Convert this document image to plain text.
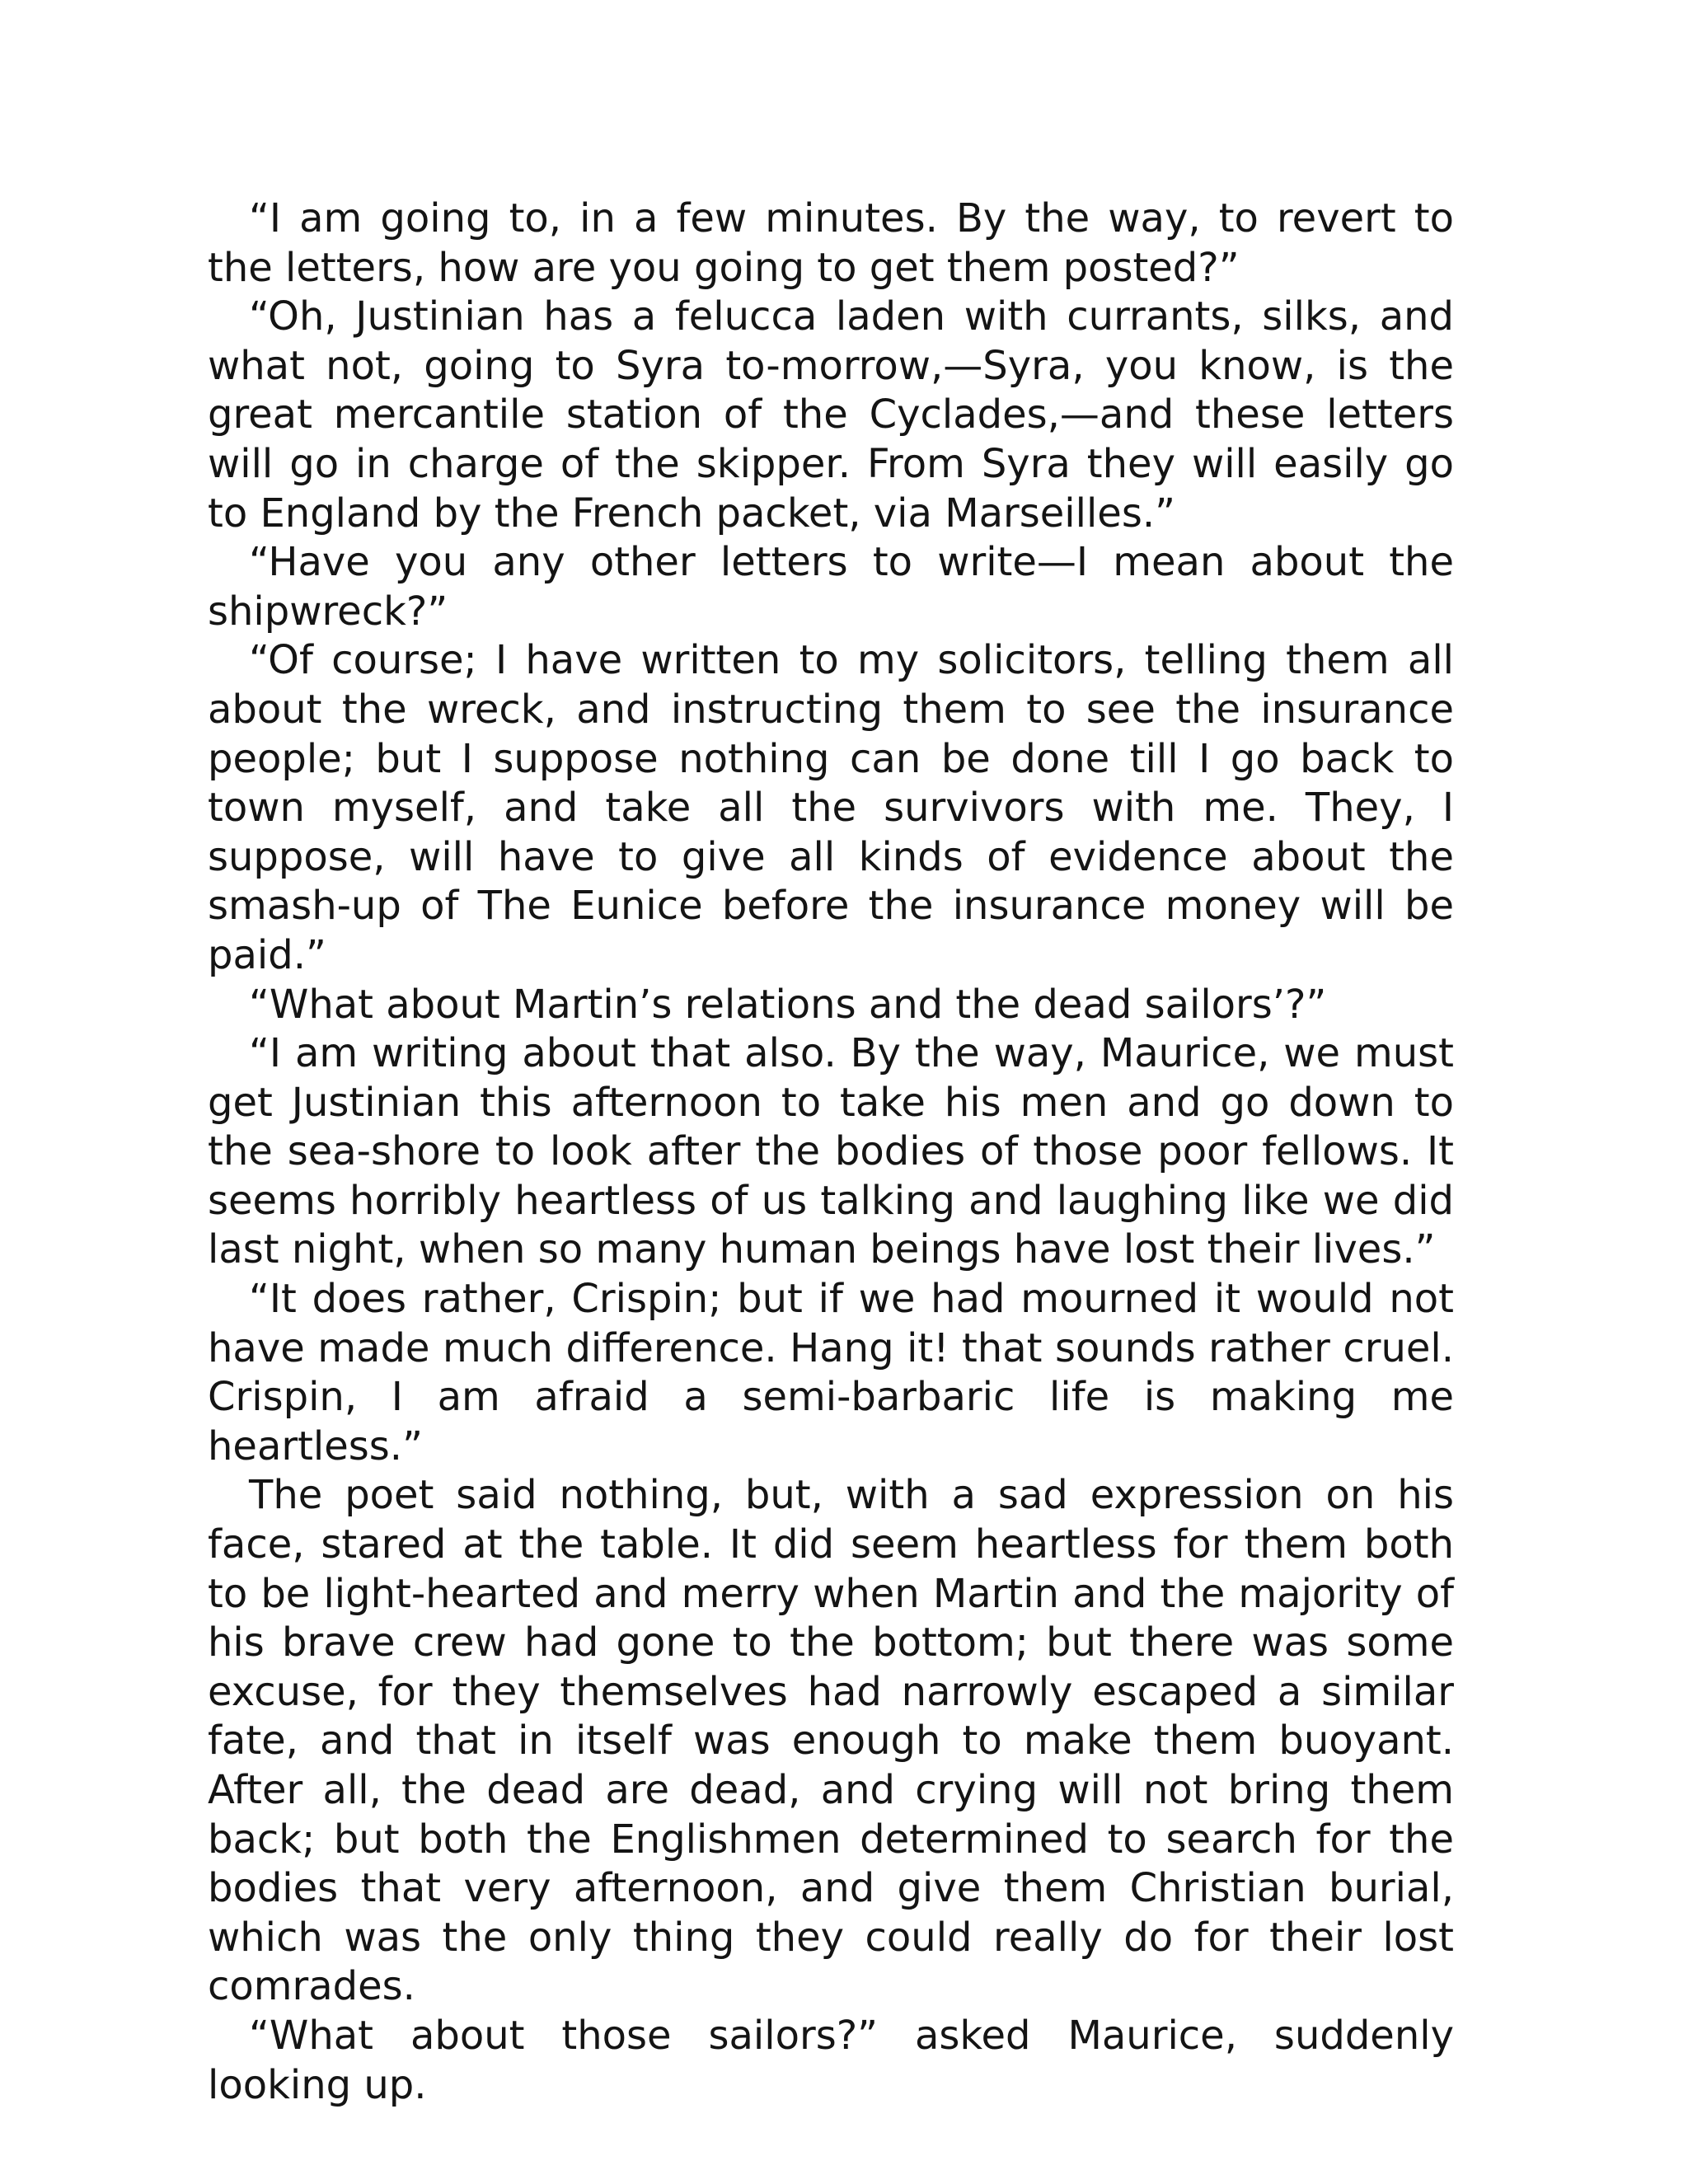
“I am going to, in a few minutes. By the way, to revert to the letters, how are you going to get them posted?”

“Oh, Justinian has a felucca laden with currants, silks, and what not, going to Syra to-morrow,—Syra, you know, is the great mercantile station of the Cyclades,—and these letters will go in charge of the skipper. From Syra they will easily go to England by the French packet, via Marseilles.”

“Have you any other letters to write—I mean about the shipwreck?”

“Of course; I have written to my solicitors, telling them all about the wreck, and instructing them to see the insurance people; but I suppose nothing can be done till I go back to town myself, and take all the survivors with me. They, I suppose, will have to give all kinds of evidence about the smash-up of The Eunice before the insurance money will be paid.”

“What about Martin’s relations and the dead sailors’?”

“I am writing about that also. By the way, Maurice, we must get Justinian this afternoon to take his men and go down to the sea-shore to look after the bodies of those poor fellows. It seems horribly heartless of us talking and laughing like we did last night, when so many human beings have lost their lives.”

“It does rather, Crispin; but if we had mourned it would not have made much difference. Hang it! that sounds rather cruel. Crispin, I am afraid a semi-barbaric life is making me heartless.”

The poet said nothing, but, with a sad expression on his face, stared at the table. It did seem heartless for them both to be light-hearted and merry when Martin and the majority of his brave crew had gone to the bottom; but there was some excuse, for they themselves had narrowly escaped a similar fate, and that in itself was enough to make them buoyant. After all, the dead are dead, and crying will not bring them back; but both the Englishmen determined to search for the bodies that very afternoon, and give them Christian burial, which was the only thing they could really do for their lost comrades.

“What about those sailors?” asked Maurice, suddenly looking up.
